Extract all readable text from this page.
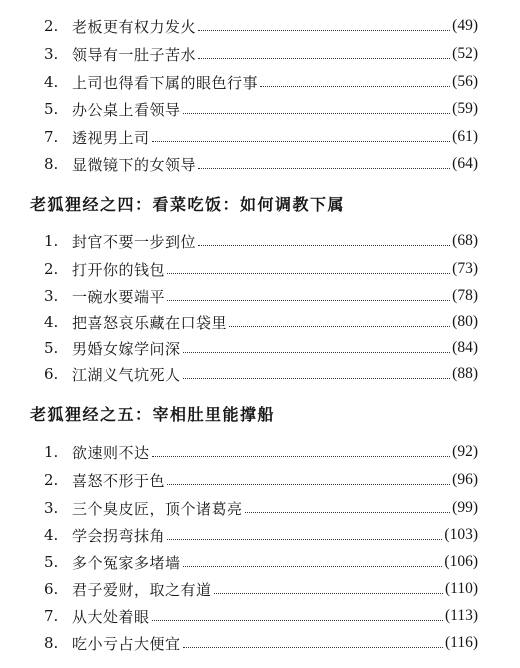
2. 老板更有权力发火	(49)
3. 领导有一肚子苦水	(52)
4. 上司也得看下属的眼色行事	(56)
5. 办公桌上看领导	(59)
7. 透视男上司	(61)
8. 显微镜下的女领导	(64)
老狐狸经之四：看菜吃饭：如何调教下属
1. 封官不要一步到位	(68)
2. 打开你的钱包	(73)
3. 一碗水要端平	(78)
4. 把喜怒哀乐藏在口袋里	(80)
5. 男婚女嫁学问深	(84)
6. 江湖义气坑死人	(88)
老狐狸经之五：宰相肚里能撑船
1. 欲速则不达	(92)
2. 喜怒不形于色	(96)
3. 三个臭皮匠，顶个诸葛亮	(99)
4. 学会拐弯抹角	(103)
5. 多个冤家多堵墙	(106)
6. 君子爱财，取之有道	(110)
7. 从大处着眼	(113)
8. 吃小亏占大便宜	(116)
